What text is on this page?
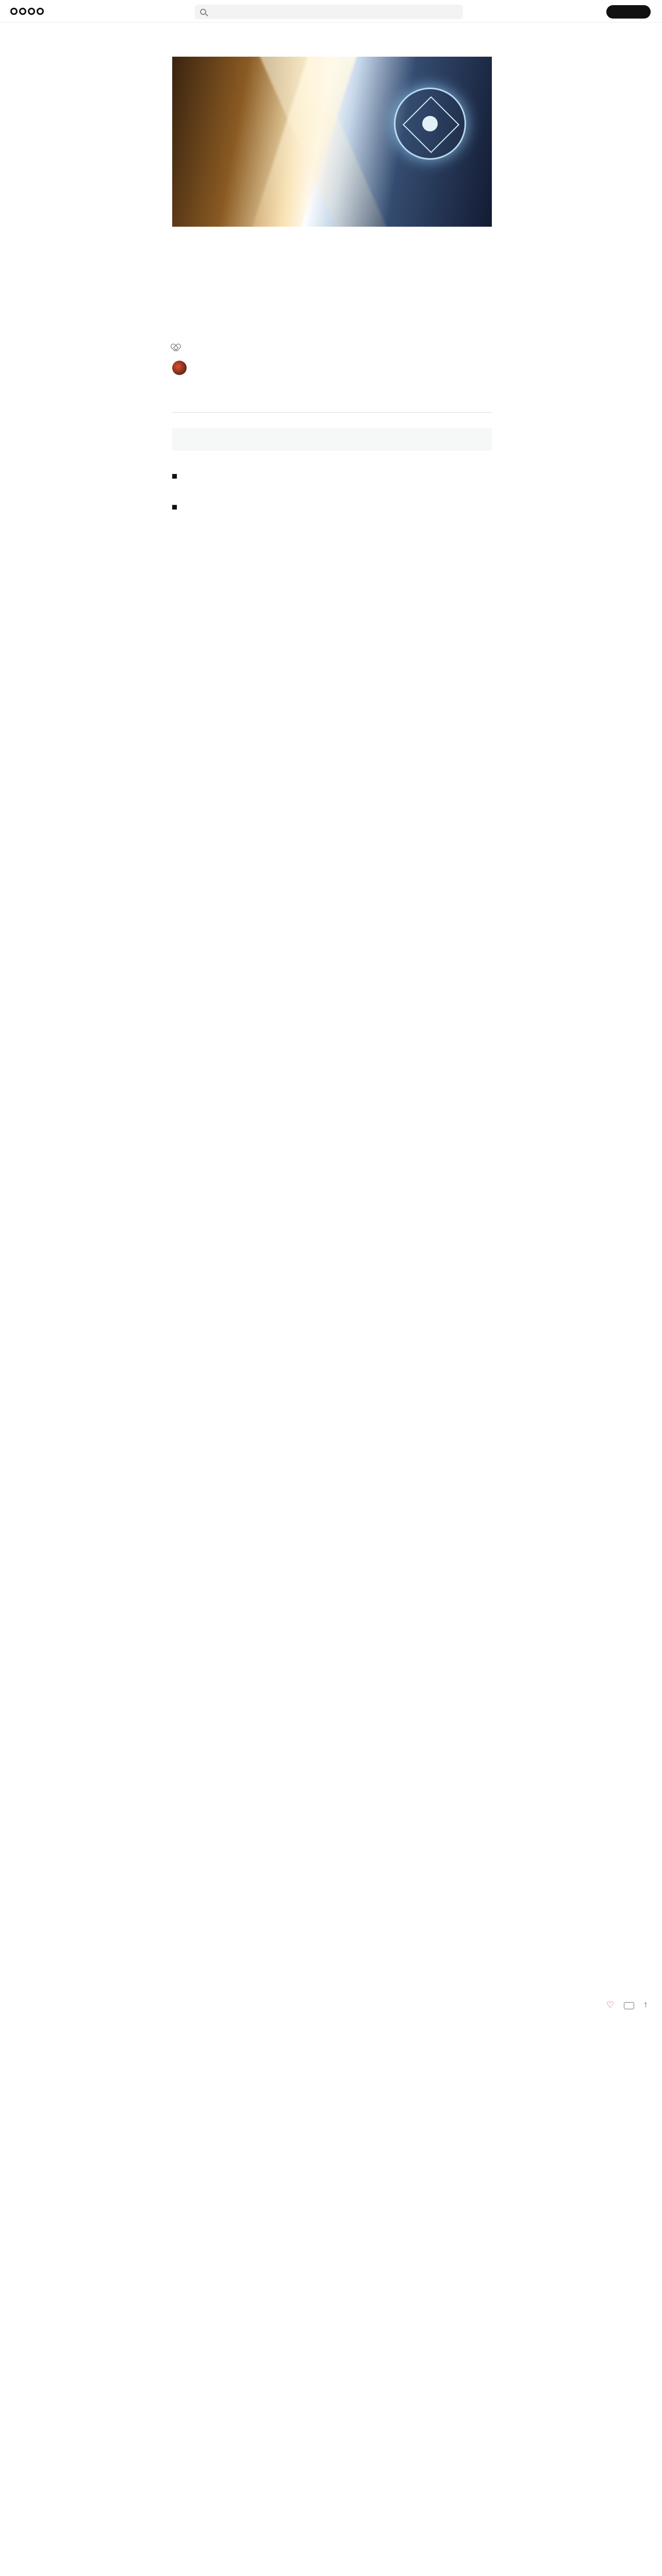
♡
↑
